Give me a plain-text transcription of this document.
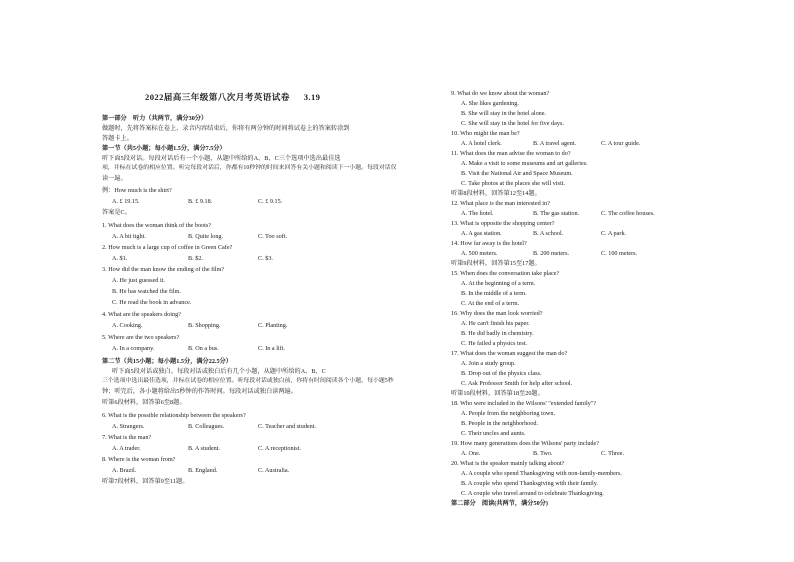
2022届高三年级第八次月考英语试卷 3.19
第一部分　听力（共两节，满分30分）
做题时，先将答案标在卷上，录音内容结束后，你将有两分钟的时间将试卷上的答案转涂到
答题卡上。
第一节（共5小题；每小题1.5分，满分7.5分）
听下面5段对话。每段对话后有一个小题，从题中所给的A、B、C三个选项中选出最佳选
项，并标在试卷的相应位置。听完每段对话后，你都有10秒钟的时间来回答有关小题和阅读下一小题。每段对话仅
读一遍。
例：How much is the shirt?
A. £ 19.15.	B. £ 9.18.	C. £ 9.15.
答案是C。
1. What does the woman think of the boots?
A. A bit tight.	B. Quite long.	C. Too soft.
2. How much is a large cup of coffee in Green Cafe?
A. $1.	B. $2.	C. $3.
3. How did the man know the ending of the film?
A. He just guessed it.
B. He has watched the film.
C. He read the book in advance.
4. What are the speakers doing?
A. Cooking.	B. Shopping.	C. Planting.
5. Where are the two speakers?
A. In a company.	B. On a bus.	C. In a lift.
第二节（共15小题；每小题1.5分，满分22.5分）
听下面5段对话或独白。每段对话或独白后有几个小题，从题中所给的A、B、C
三个选项中选出最佳选项，并标在试卷的相应位置。听每段对话或独白前，你将有时间阅读各个小题，每小题5秒
钟；听完后，各小题将给出5秒钟的作答时间。每段对话或独白读两遍。
听第6段材料，回答第6至8题。
6. What is the possible relationship between the speakers?
A. Strangers.	B. Colleagues.	C. Teacher and student.
7. What is the man?
A. A trader.	B. A student.	C. A receptionist.
8. Where is the woman from?
A. Brazil.	B. England.	C. Australia.
听第7段材料，回答第9至11题。
9. What do we know about the woman?
A. She likes gardening.
B. She will stay in the hotel alone.
C. She will stay in the hotel for five days.
10. Who might the man be?
A. A hotel clerk.	B. A travel agent.	C. A tour guide.
11. What does the man advise the woman to do?
A. Make a visit to some museums and art galleries.
B. Visit the National Air and Space Museum.
C. Take photos at the places she will visit.
听第8段材料，回答第12至14题。
12. What place is the man interested in?
A. The hotel.	B. The gas station.	C. The coffee houses.
13. What is opposite the shopping center?
A. A gas station.	B. A school.	C. A park.
14. How far away is the hotel?
A. 500 meters.	B. 200 meters.	C. 100 meters.
听第9段材料，回答第15至17题。
15. When does the conversation take place?
A. At the beginning of a term.
B. In the middle of a term.
C. At the end of a term.
16. Why does the man look worried?
A. He can't finish his paper.
B. He did badly in chemistry.
C. He failed a physics test.
17. What does the woman suggest the man do?
A. Join a study group.
B. Drop out of the physics class.
C. Ask Professor Smith for help after school.
听第10段材料，回答第18至20题。
18. Who were included in the Wilsons' "extended family"?
A. People from the neighboring town.
B. People in the neighborhood.
C. Their uncles and aunts.
19. How many generations does the Wilsons' party include?
A. One.	B. Two.	C. Three.
20. What is the speaker mainly talking about?
A. A couple who spend Thanksgiving with non-family-members.
B. A couple who spend Thanksgiving with their family.
C. A couple who travel around to celebrate Thanksgiving.
第二部分　阅读(共两节，满分50分)
